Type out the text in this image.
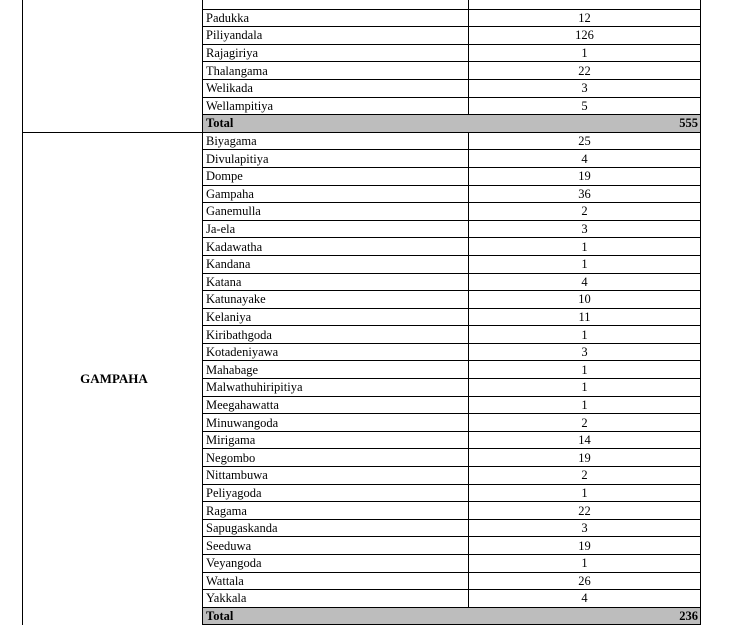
	Padukka	12
	Piliyandala	126
	Rajagiriya	1
	Thalangama	22
	Welikada	3
	Wellampitiya	5
	Total	555
GAMPAHA	Biyagama	25
	Divulapitiya	4
	Dompe	19
	Gampaha	36
	Ganemulla	2
	Ja-ela	3
	Kadawatha	1
	Kandana	1
	Katana	4
	Katunayake	10
	Kelaniya	11
	Kiribathgoda	1
	Kotadeniyawa	3
	Mahabage	1
	Malwathuhiripitiya	1
	Meegahawatta	1
	Minuwangoda	2
	Mirigama	14
	Negombo	19
	Nittambuwa	2
	Peliyagoda	1
	Ragama	22
	Sapugaskanda	3
	Seeduwa	19
	Veyangoda	1
	Wattala	26
	Yakkala	4
	Total	236
